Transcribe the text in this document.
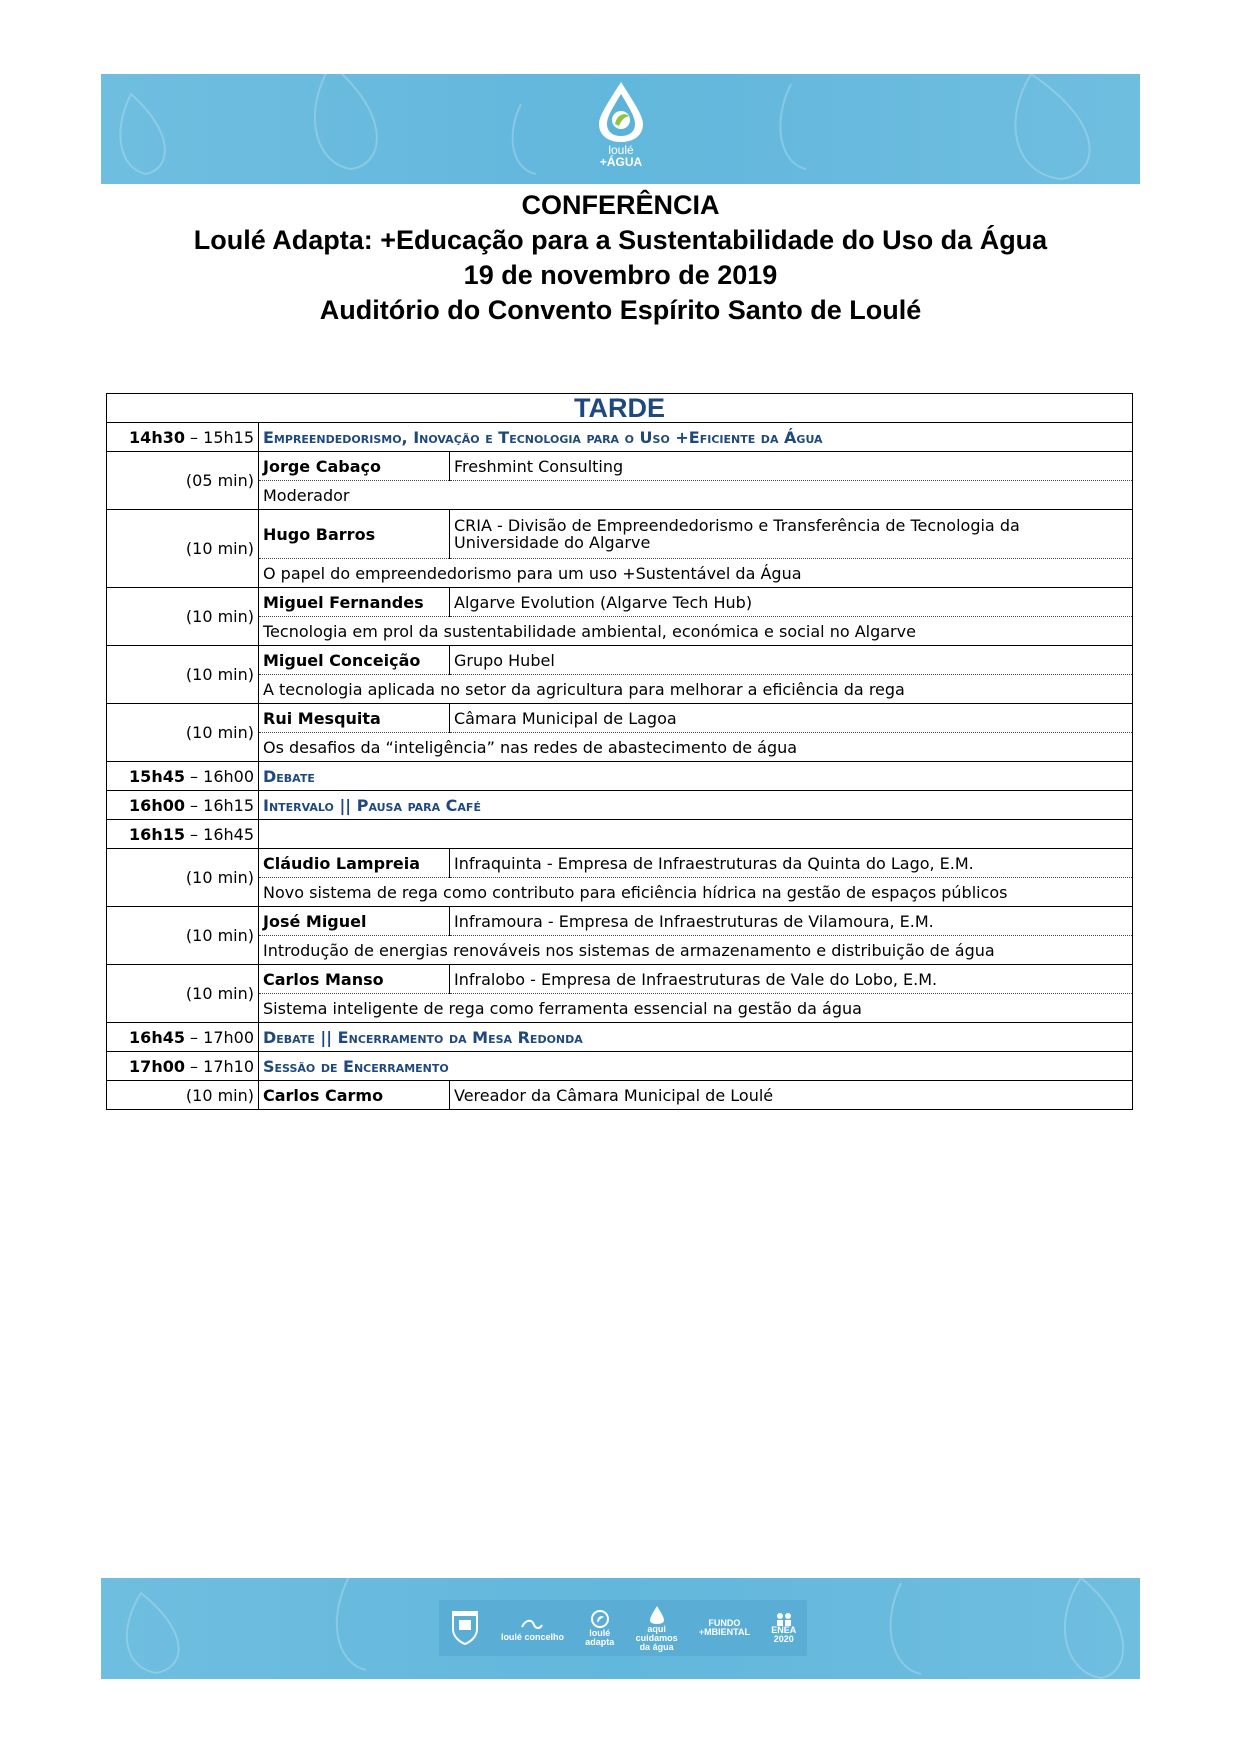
loulé
+ÁGUA
CONFERÊNCIA
Loulé Adapta: +Educação para a Sustentabilidade do Uso da Água
19 de novembro de 2019
Auditório do Convento Espírito Santo de Loulé
TARDE		
14h30 – 15h15	Empreendedorismo, Inovação e Tecnologia para o Uso +Eficiente da Água	
(05 min)	Jorge Cabaço	Freshmint Consulting
	Moderador	
(10 min)	Hugo Barros	CRIA - Divisão de Empreendedorismo e Transferência de Tecnologia da Universidade do Algarve
	O papel do empreendedorismo para um uso +Sustentável da Água	
(10 min)	Miguel Fernandes	Algarve Evolution (Algarve Tech Hub)
	Tecnologia em prol da sustentabilidade ambiental, económica e social no Algarve	
(10 min)	Miguel Conceição	Grupo Hubel
	A tecnologia aplicada no setor da agricultura para melhorar a eficiência da rega	
(10 min)	Rui Mesquita	Câmara Municipal de Lagoa
	Os desafios da “inteligência” nas redes de abastecimento de água	
15h45 – 16h00	Debate	
16h00 – 16h15	Intervalo || Pausa para Café	
16h15 – 16h45		
(10 min)	Cláudio Lampreia	Infraquinta - Empresa de Infraestruturas da Quinta do Lago, E.M.
	Novo sistema de rega como contributo para eficiência hídrica na gestão de espaços públicos	
(10 min)	José Miguel	Inframoura - Empresa de Infraestruturas de Vilamoura, E.M.
	Introdução de energias renováveis nos sistemas de armazenamento e distribuição de água	
(10 min)	Carlos Manso	Infralobo - Empresa de Infraestruturas de Vale do Lobo, E.M.
	Sistema inteligente de rega como ferramenta essencial na gestão da água	
16h45 – 17h00	Debate || Encerramento da Mesa Redonda	
17h00 – 17h10	Sessão de Encerramento	
(10 min)	Carlos Carmo	Vereador da Câmara Municipal de Loulé
loulé concelho	loulé
adapta
aqui
cuidamos
da água
FUNDO
+MBIENTAL ENEA
2020
